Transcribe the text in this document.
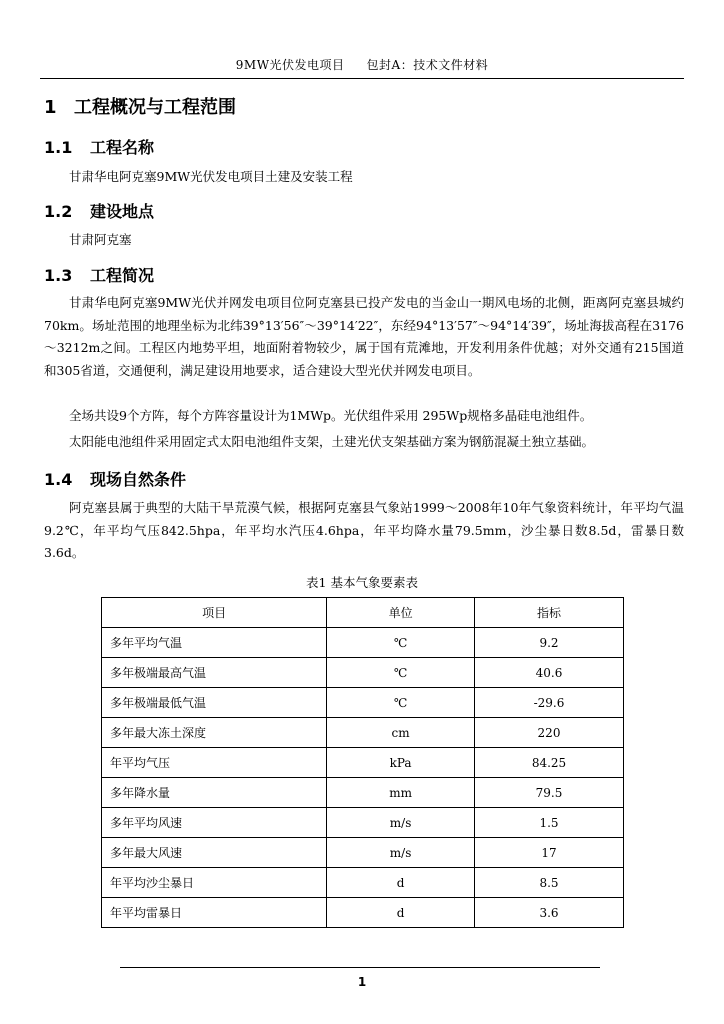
9MW光伏发电项目 包封A：技术文件材料
1 工程概况与工程范围
1.1 工程名称
甘肃华电阿克塞9MW光伏发电项目土建及安装工程
1.2 建设地点
甘肃阿克塞
1.3 工程简况
甘肃华电阿克塞9MW光伏并网发电项目位阿克塞县已投产发电的当金山一期风电场的北侧，距离阿克塞县城约70km。场址范围的地理坐标为北纬39°13′56″～39°14′22″，东经94°13′57″～94°14′39″，场址海拔高程在3176～3212m之间。工程区内地势平坦，地面附着物较少，属于国有荒滩地，开发利用条件优越；对外交通有215国道和305省道，交通便利，满足建设用地要求，适合建设大型光伏并网发电项目。
全场共设9个方阵，每个方阵容量设计为1MWp。光伏组件采用 295Wp规格多晶硅电池组件。
太阳能电池组件采用固定式太阳电池组件支架，土建光伏支架基础方案为钢筋混凝土独立基础。
1.4 现场自然条件
阿克塞县属于典型的大陆干旱荒漠气候，根据阿克塞县气象站1999～2008年10年气象资料统计，年平均气温9.2℃，年平均气压842.5hpa，年平均水汽压4.6hpa，年平均降水量79.5mm，沙尘暴日数8.5d，雷暴日数3.6d。
表1 基本气象要素表
项目	单位	指标
多年平均气温	℃	9.2
多年极端最高气温	℃	40.6
多年极端最低气温	℃	-29.6
多年最大冻土深度	cm	220
年平均气压	kPa	84.25
多年降水量	mm	79.5
多年平均风速	m/s	1.5
多年最大风速	m/s	17
年平均沙尘暴日	d	8.5
年平均雷暴日	d	3.6
1
